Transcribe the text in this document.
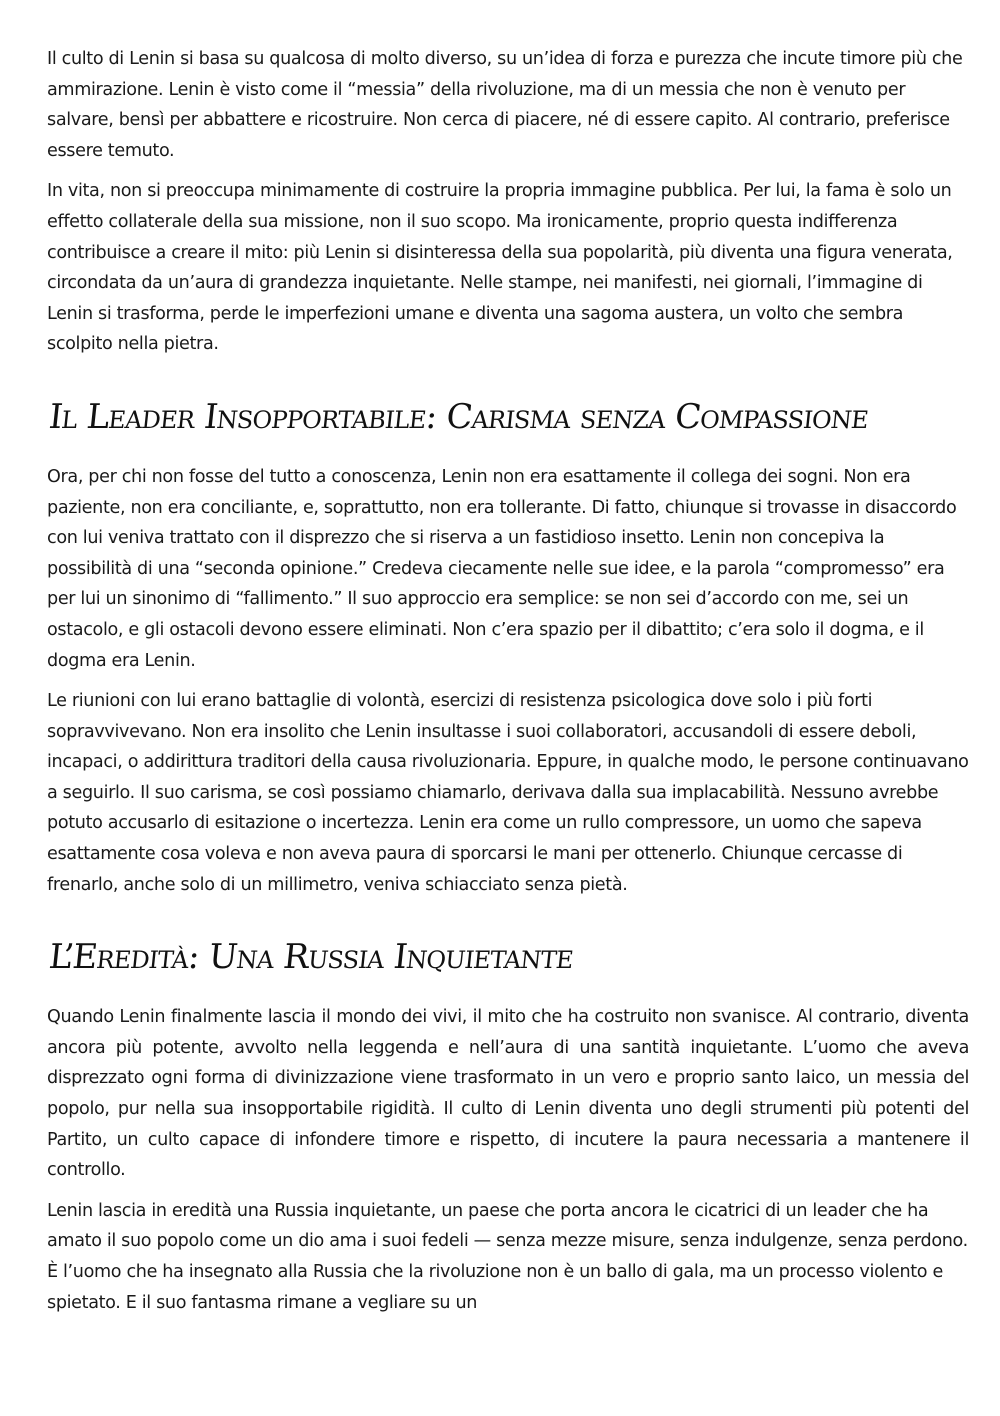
Il culto di Lenin si basa su qualcosa di molto diverso, su un’idea di forza e purezza che incute timore più che ammirazione. Lenin è visto come il “messia” della rivoluzione, ma di un messia che non è venuto per salvare, bensì per abbattere e ricostruire. Non cerca di piacere, né di essere capito. Al contrario, preferisce essere temuto.

In vita, non si preoccupa minimamente di costruire la propria immagine pubblica. Per lui, la fama è solo un effetto collaterale della sua missione, non il suo scopo. Ma ironicamente, proprio questa indifferenza contribuisce a creare il mito: più Lenin si disinteressa della sua popolarità, più diventa una figura venerata, circondata da un’aura di grandezza inquietante. Nelle stampe, nei manifesti, nei giornali, l’immagine di Lenin si trasforma, perde le imperfezioni umane e diventa una sagoma austera, un volto che sembra scolpito nella pietra.

Il Leader Insopportabile: Carisma senza Compassione

Ora, per chi non fosse del tutto a conoscenza, Lenin non era esattamente il collega dei sogni. Non era paziente, non era conciliante, e, soprattutto, non era tollerante. Di fatto, chiunque si trovasse in disaccordo con lui veniva trattato con il disprezzo che si riserva a un fastidioso insetto. Lenin non concepiva la possibilità di una “seconda opinione.” Credeva ciecamente nelle sue idee, e la parola “compromesso” era per lui un sinonimo di “fallimento.” Il suo approccio era semplice: se non sei d’accordo con me, sei un ostacolo, e gli ostacoli devono essere eliminati. Non c’era spazio per il dibattito; c’era solo il dogma, e il dogma era Lenin.

Le riunioni con lui erano battaglie di volontà, esercizi di resistenza psicologica dove solo i più forti sopravvivevano. Non era insolito che Lenin insultasse i suoi collaboratori, accusandoli di essere deboli, incapaci, o addirittura traditori della causa rivoluzionaria. Eppure, in qualche modo, le persone continuavano a seguirlo. Il suo carisma, se così possiamo chiamarlo, derivava dalla sua implacabilità. Nessuno avrebbe potuto accusarlo di esitazione o incertezza. Lenin era come un rullo compressore, un uomo che sapeva esattamente cosa voleva e non aveva paura di sporcarsi le mani per ottenerlo. Chiunque cercasse di frenarlo, anche solo di un millimetro, veniva schiacciato senza pietà.

L’Eredità: Una Russia Inquietante

Quando Lenin finalmente lascia il mondo dei vivi, il mito che ha costruito non svanisce. Al contrario, diventa ancora più potente, avvolto nella leggenda e nell’aura di una santità inquietante. L’uomo che aveva disprezzato ogni forma di divinizzazione viene trasformato in un vero e proprio santo laico, un messia del popolo, pur nella sua insopportabile rigidità. Il culto di Lenin diventa uno degli strumenti più potenti del Partito, un culto capace di infondere timore e rispetto, di incutere la paura necessaria a mantenere il controllo.

Lenin lascia in eredità una Russia inquietante, un paese che porta ancora le cicatrici di un leader che ha amato il suo popolo come un dio ama i suoi fedeli — senza mezze misure, senza indulgenze, senza perdono. È l’uomo che ha insegnato alla Russia che la rivoluzione non è un ballo di gala, ma un processo violento e spietato. E il suo fantasma rimane a vegliare su un
